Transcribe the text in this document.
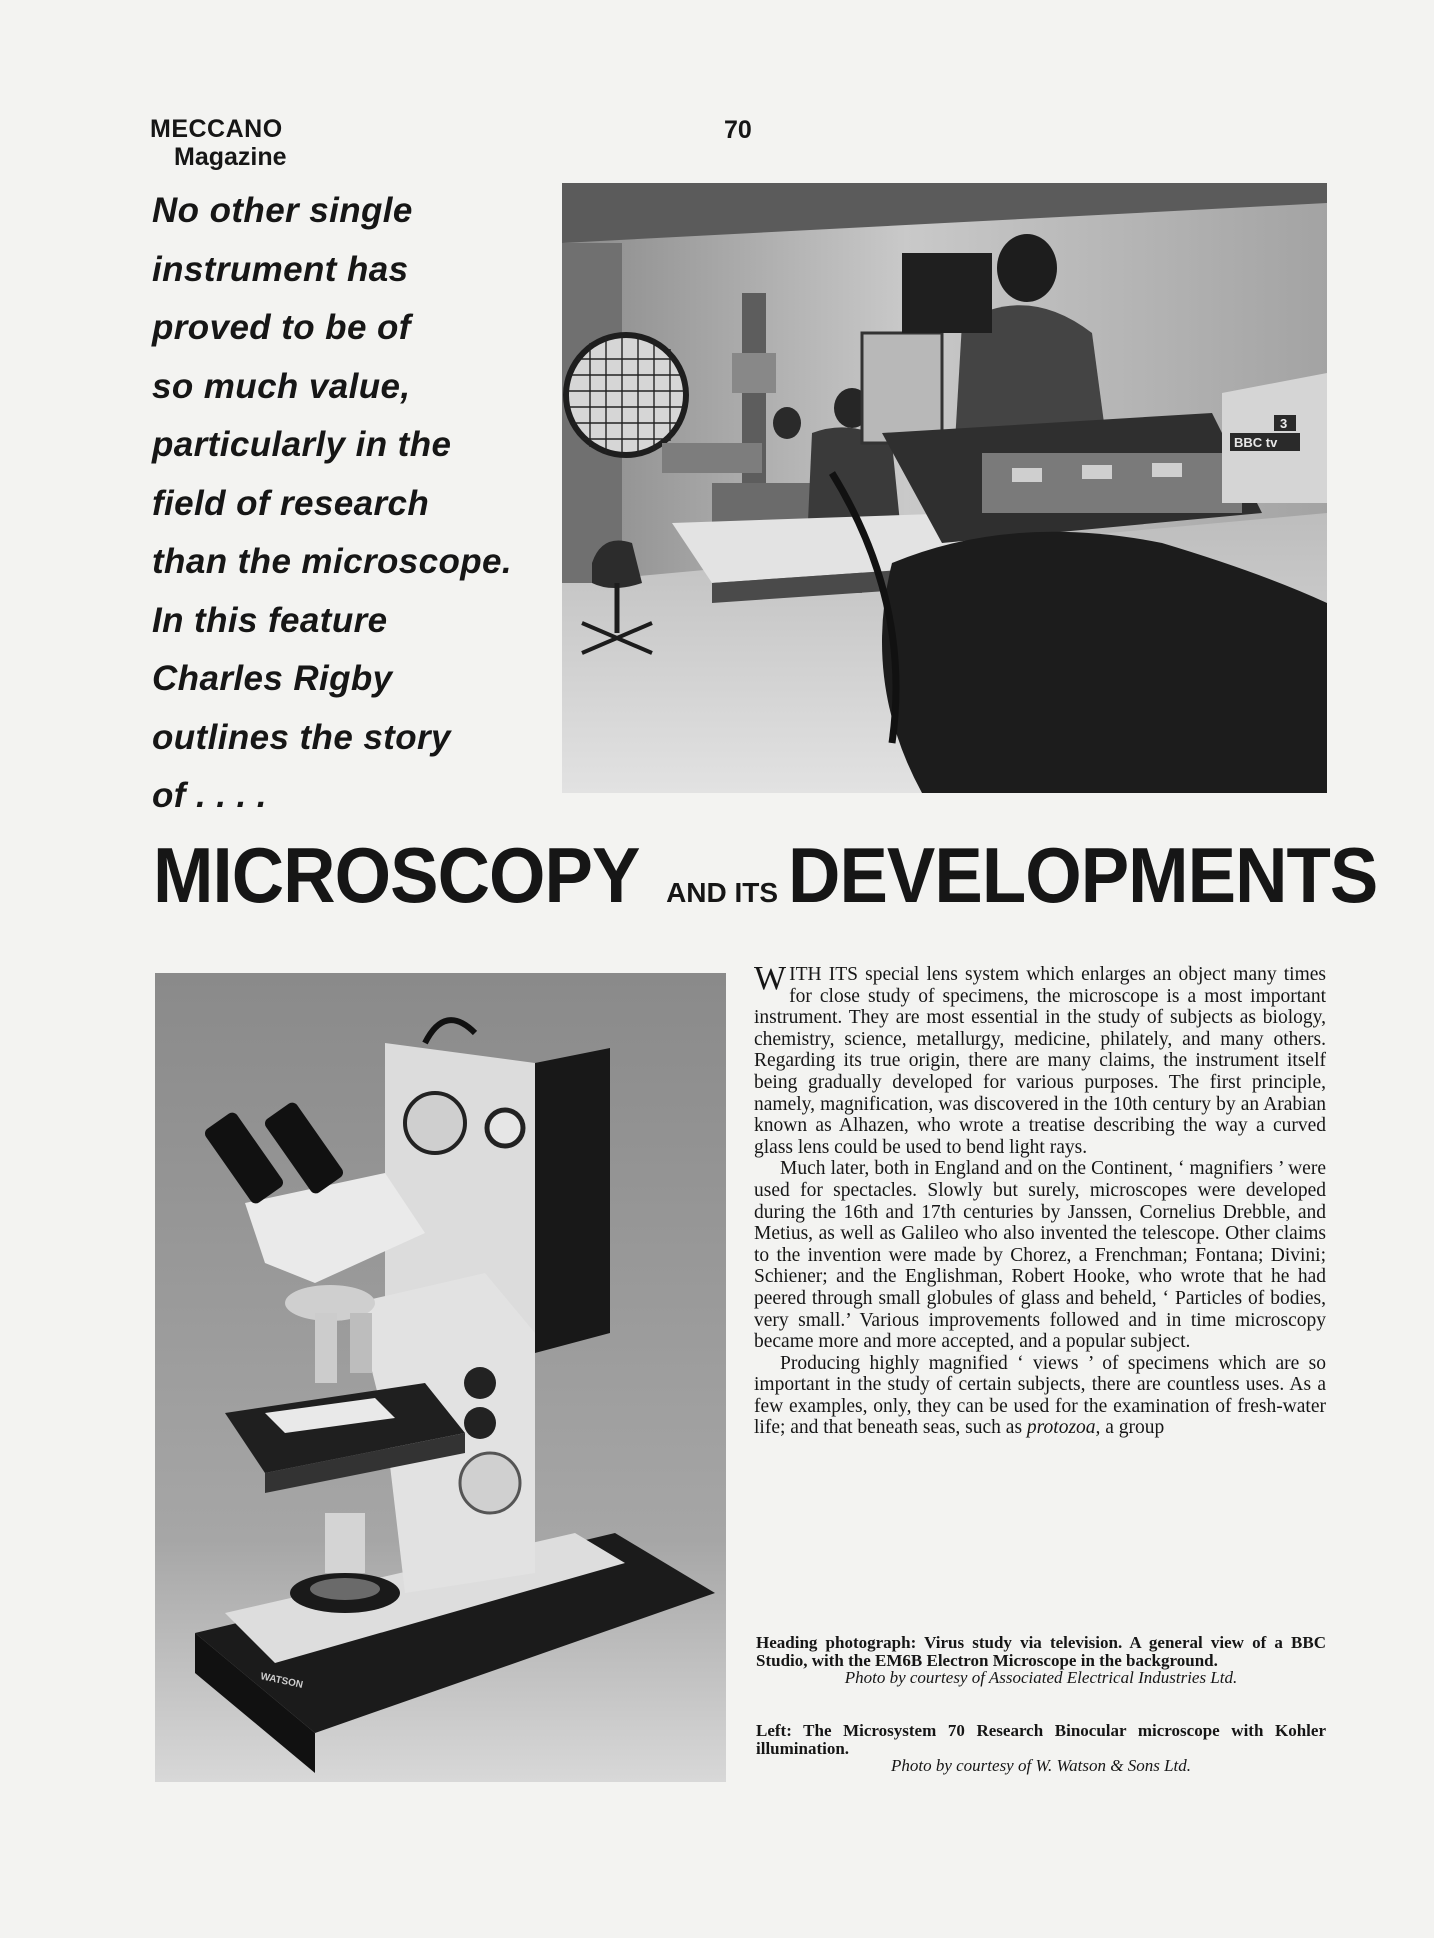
MECCANO
Magazine
70
No other single
instrument has
proved to be of
so much value,
particularly in the
field of research
than the microscope.
In this feature
Charles Rigby
outlines the story
of . . . .
BBC tv
3
MICROSCOPY AND ITS DEVELOPMENTS
WATSON

WITH ITS special lens system which enlarges an object many times for close study of specimens, the microscope is a most important instrument. They are most essential in the study of subjects as biology, chemistry, science, metallurgy, medicine, philately, and many others. Regarding its true origin, there are many claims, the instrument itself being gradually developed for various purposes. The first principle, namely, magnification, was discovered in the 10th century by an Arabian known as Alhazen, who wrote a treatise describing the way a curved glass lens could be used to bend light rays.

Much later, both in England and on the Continent, ‘ magnifiers ’ were used for spectacles. Slowly but surely, microscopes were developed during the 16th and 17th centuries by Janssen, Cornelius Drebble, and Metius, as well as Galileo who also invented the telescope. Other claims to the invention were made by Chorez, a Frenchman; Fontana; Divini; Schiener; and the Englishman, Robert Hooke, who wrote that he had peered through small globules of glass and beheld, ‘ Particles of bodies, very small.’ Various improvements followed and in time microscopy became more and more accepted, and a popular subject.

Producing highly magnified ‘ views ’ of specimens which are so important in the study of certain subjects, there are countless uses. As a few examples, only, they can be used for the examination of fresh-water life; and that beneath seas, such as protozoa, a group

Heading photograph: Virus study via television. A general view of a BBC Studio, with the EM6B Electron Microscope in the background.
Photo by courtesy of Associated Electrical Industries Ltd.
Left: The Microsystem 70 Research Binocular microscope with Kohler illumination.
Photo by courtesy of W. Watson & Sons Ltd.
